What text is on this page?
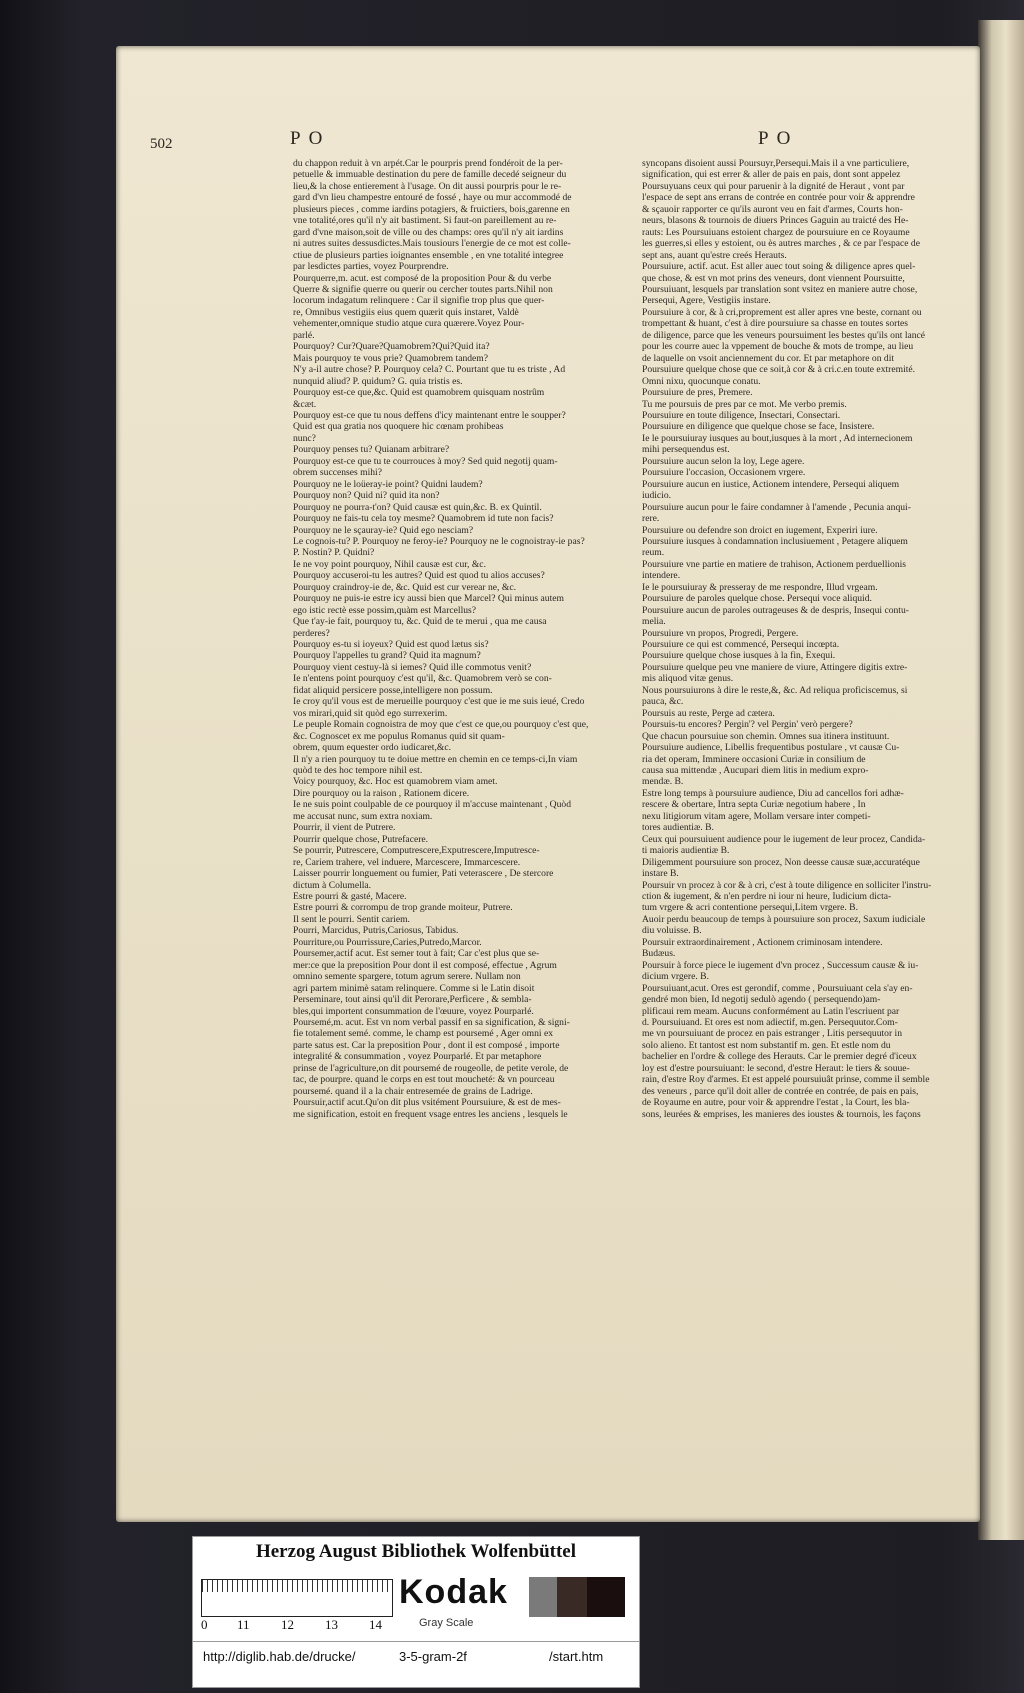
502	P O	P O
du chappon reduit à vn arpét.Car le pourpris prend fondéroit de la per-
petuelle & immuable destination du pere de famille decedé seigneur du
lieu,& la chose entierement à l'usage. On dit aussi pourpris pour le re-
gard d'vn lieu champestre entouré de fossé , haye ou mur accommodé de
plusieurs pieces , comme iardins potagiers, & fruictiers, bois,garenne en
vne totalité,ores qu'il n'y ait bastiment. Si faut-on pareillement au re-
gard d'vne maison,soit de ville ou des champs: ores qu'il n'y ait iardins
ni autres suites dessusdictes.Mais tousiours l'energie de ce mot est colle-
ctiue de plusieurs parties ioignantes ensemble , en vne totalité integree
par lesdictes parties, voyez Pourprendre.
Pourquerre,m. acut. est composé de la proposition Pour & du verbe
Querre & signifie querre ou querir ou cercher toutes parts.Nihil non
locorum indagatum relinquere : Car il signifie trop plus que quer-
re, Omnibus vestigiis eius quem quærit quis instaret, Valdè
vehementer,omnique studio atque cura quærere.Voyez Pour-
parlé.
Pourquoy? Cur?Quare?Quamobrem?Qui?Quid ita?
Mais pourquoy te vous prie? Quamobrem tandem?
N'y a-il autre chose? P. Pourquoy cela? C. Pourtant que tu es triste , Ad
nunquid aliud? P. quidum? G. quia tristis es.
Pourquoy est-ce que,&c. Quid est quamobrem quisquam nostrûm
&cæt.
Pourquoy est-ce que tu nous deffens d'icy maintenant entre le soupper?
Quid est qua gratia nos quoquere hic cœnam prohibeas
nunc?
Pourquoy penses tu? Quianam arbitrare?
Pourquoy est-ce que tu te courrouces à moy? Sed quid negotij quam-
obrem succenses mihi?
Pourquoy ne le loüeray-ie point? Quidni laudem?
Pourquoy non? Quid ni? quid ita non?
Pourquoy ne pourra-t'on? Quid causæ est quin,&c. B. ex Quintil.
Pourquoy ne fais-tu cela toy mesme? Quamobrem id tute non facis?
Pourquoy ne le sçauray-ie? Quid ego nesciam?
Le cognois-tu? P. Pourquoy ne feroy-ie? Pourquoy ne le cognoistray-ie pas?
P. Nostin? P. Quidni?
Ie ne voy point pourquoy, Nihil causæ est cur, &c.
Pourquoy accuseroi-tu les autres? Quid est quod tu alios accuses?
Pourquoy craindroy-ie de, &c. Quid est cur verear ne, &c.
Pourquoy ne puis-ie estre icy aussi bien que Marcel? Qui minus autem
ego istic rectè esse possim,quàm est Marcellus?
Que t'ay-ie fait, pourquoy tu, &c. Quid de te merui , qua me causa
perderes?
Pourquoy es-tu si ioyeux? Quid est quod lætus sis?
Pourquoy l'appelles tu grand? Quid ita magnum?
Pourquoy vient cestuy-là si iemes? Quid ille commotus venit?
Ie n'entens point pourquoy c'est qu'il, &c. Quamobrem verò se con-
fidat aliquid persicere posse,intelligere non possum.
Ie croy qu'il vous est de merueille pourquoy c'est que ie me suis ieué, Credo
vos mirari,quid sit quòd ego surrexerim.
Le peuple Romain cognoistra de moy que c'est ce que,ou pourquoy c'est que,
&c. Cognoscet ex me populus Romanus quid sit quam-
obrem, quum equester ordo iudicaret,&c.
Il n'y a rien pourquoy tu te doiue mettre en chemin en ce temps-ci,In viam
quòd te des hoc tempore nihil est.
Voicy pourquoy, &c. Hoc est quamobrem viam amet.
Dire pourquoy ou la raison , Rationem dicere.
Ie ne suis point coulpable de ce pourquoy il m'accuse maintenant , Quòd
me accusat nunc, sum extra noxiam.
Pourrir, il vient de Putrere.
Pourrir quelque chose, Putrefacere.
Se pourrir, Putrescere, Computrescere,Exputrescere,Imputresce-
re, Cariem trahere, vel induere, Marcescere, Immarcescere.
Laisser pourrir longuement ou fumier, Pati veterascere , De stercore
dictum à Columella.
Estre pourri & gasté, Macere.
Estre pourri & corrompu de trop grande moiteur, Putrere.
Il sent le pourri. Sentit cariem.
Pourri, Marcidus, Putris,Cariosus, Tabidus.
Pourriture,ou Pourrissure,Caries,Putredo,Marcor.
Poursemer,actif acut. Est semer tout à fait; Car c'est plus que se-
mer:ce que la preposition Pour dont il est composé, effectue , Agrum
omnino semente spargere, totum agrum serere. Nullam non
agri partem minimè satam relinquere. Comme si le Latin disoit
Perseminare, tout ainsi qu'il dit Perorare,Perficere , & sembla-
bles,qui importent consummation de l'œuure, voyez Pourparlé.
Poursemé,m. acut. Est vn nom verbal passif en sa signification, & signi-
fie totalement semé. comme, le champ est poursemé , Ager omni ex
parte satus est. Car la preposition Pour , dont il est composé , importe
integralité & consummation , voyez Pourparlé. Et par metaphore
prinse de l'agriculture,on dit poursemé de rougeolle, de petite verole, de
tac, de pourpre. quand le corps en est tout moucheté: & vn pourceau
poursemé. quand il a la chair entresemée de grains de Ladrige.
Poursuir,actif acut.Qu'on dit plus vsitément Poursuiure, & est de mes-
me signification, estoit en frequent vsage entres les anciens , lesquels le
syncopans disoient aussi Poursuyr,Persequi.Mais il a vne particuliere,
signification, qui est errer & aller de pais en pais, dont sont appelez
Poursuyuans ceux qui pour paruenir à la dignité de Heraut , vont par
l'espace de sept ans errans de contrée en contrée pour voir & apprendre
& sçauoir rapporter ce qu'ils auront veu en fait d'armes, Courts hon-
neurs, blasons & tournois de diuers Princes Gaguin au traicté des He-
rauts: Les Poursuiuans estoient chargez de poursuiure en ce Royaume
les guerres,si elles y estoient, ou ès autres marches , & ce par l'espace de
sept ans, auant qu'estre creés Herauts.
Poursuiure, actif. acut. Est aller auec tout soing & diligence apres quel-
que chose, & est vn mot prins des veneurs, dont viennent Poursuitte,
Poursuiuant, lesquels par translation sont vsitez en maniere autre chose,
Persequi, Agere, Vestigiis instare.
Poursuiure à cor, & à cri,proprement est aller apres vne beste, cornant ou
trompettant & huant, c'est à dire poursuiure sa chasse en toutes sortes
de diligence, parce que les veneurs poursuiment les bestes qu'ils ont lancé
pour les courre auec la vppement de bouche & mots de trompe, au lieu
de laquelle on vsoit anciennement du cor. Et par metaphore on dit
Poursuiure quelque chose que ce soit,à cor & à cri.c.en toute extremité.
Omni nixu, quocunque conatu.
Poursuiure de pres, Premere.
Tu me poursuis de pres par ce mot. Me verbo premis.
Poursuiure en toute diligence, Insectari, Consectari.
Poursuiure en diligence que quelque chose se face, Insistere.
Ie le poursuiuray iusques au bout,iusques à la mort , Ad internecionem
mihi persequendus est.
Poursuiure aucun selon la loy, Lege agere.
Poursuiure l'occasion, Occasionem vrgere.
Poursuiure aucun en iustice, Actionem intendere, Persequi aliquem
iudicio.
Poursuiure aucun pour le faire condamner à l'amende , Pecunia anqui-
rere.
Poursuiure ou defendre son droict en iugement, Experiri iure.
Poursuiure iusques à condamnation inclusiuement , Petagere aliquem
reum.
Poursuiure vne partie en matiere de trahison, Actionem perduellionis
intendere.
Ie le poursuiuray & presseray de me respondre, Illud vrgeam.
Poursuiure de paroles quelque chose. Persequi voce aliquid.
Poursuiure aucun de paroles outrageuses & de despris, Insequi contu-
melia.
Poursuiure vn propos, Progredi, Pergere.
Poursuiure ce qui est commencé, Persequi incœpta.
Poursuiure quelque chose iusques à la fin, Exequi.
Poursuiure quelque peu vne maniere de viure, Attingere digitis extre-
mis aliquod vitæ genus.
Nous poursuiurons à dire le reste,&, &c. Ad reliqua proficiscemus, si
pauca, &c.
Poursuis au reste, Perge ad cætera.
Poursuis-tu encores? Pergin'? vel Pergin' verò pergere?
Que chacun poursuiue son chemin. Omnes sua itinera instituunt.
Poursuiure audience, Libellis frequentibus postulare , vt causæ Cu-
ria det operam, Imminere occasioni Curiæ in consilium de
causa sua mittendæ , Aucupari diem litis in medium expro-
mendæ. B.
Estre long temps à poursuiure audience, Diu ad cancellos fori adhæ-
rescere & obertare, Intra septa Curiæ negotium habere , In
nexu litigiorum vitam agere, Mollam versare inter competi-
tores audientiæ. B.
Ceux qui poursuiuent audience pour le iugement de leur procez, Candida-
ti maioris audientiæ B.
Diligemment poursuiure son procez, Non deesse causæ suæ,accuratéque
instare B.
Poursuir vn procez à cor & à cri, c'est à toute diligence en solliciter l'instru-
ction & iugement, & n'en perdre ni iour ni heure, Iudicium dicta-
tum vrgere & acri contentione persequi,Litem vrgere. B.
Auoir perdu beaucoup de temps à poursuiure son procez, Saxum iudiciale
diu voluisse. B.
Poursuir extraordinairement , Actionem criminosam intendere.
Budæus.
Poursuir à force piece le iugement d'vn procez , Successum causæ & iu-
dicium vrgere. B.
Poursuiuant,acut. Ores est gerondif, comme , Poursuiuant cela s'ay en-
gendré mon bien, Id negotij sedulò agendo ( persequendo)am-
plificaui rem meam. Aucuns conformément au Latin l'escriuent par
d. Poursuiuand. Et ores est nom adiectif, m.gen. Persequutor.Com-
me vn poursuiuant de procez en pais estranger , Litis persequutor in
solo alieno. Et tantost est nom substantif m. gen. Et estle nom du
bachelier en l'ordre & college des Herauts. Car le premier degré d'iceux
loy est d'estre poursuiuant: le second, d'estre Heraut: le tiers & souue-
rain, d'estre Roy d'armes. Et est appelé poursuiuât prinse, comme il semble
des veneurs , parce qu'il doit aller de contrée en contrée, de pais en pais,
de Royaume en autre, pour voir & apprendre l'estat , la Court, les bla-
sons, leurées & emprises, les manieres des ioustes & tournois, les façons
Herzog August Bibliothek Wolfenbüttel
0 11 12 13 14
Kodak
Gray Scale
http://diglib.hab.de/drucke/	3-5-gram-2f	/start.htm
